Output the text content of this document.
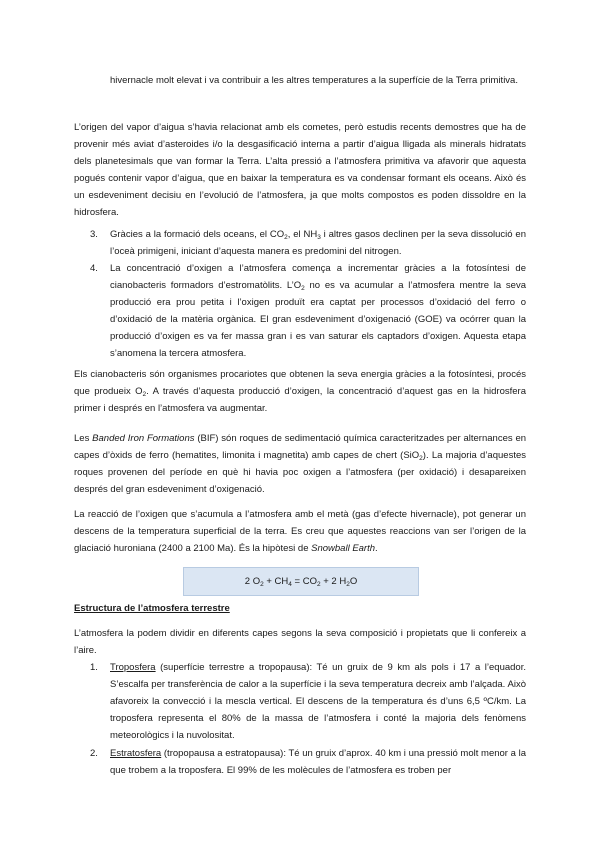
hivernacle molt elevat i va contribuir a les altres temperatures a la superfície de la Terra primitiva.

L’origen del vapor d’aigua s’havia relacionat amb els cometes, però estudis recents demostres que ha de provenir més aviat d’asteroides i/o la desgasificació interna a partir d’aigua lligada als minerals hidratats dels planetesimals que van formar la Terra. L’alta pressió a l’atmosfera primitiva va afavorir que aquesta pogués contenir vapor d’aigua, que en baixar la temperatura es va condensar formant els oceans. Això és un esdeveniment decisiu en l’evolució de l’atmosfera, ja que molts compostos es poden dissoldre en la hidrosfera.

3. Gràcies a la formació dels oceans, el $CO_2$, el $NH_3$ i altres gasos declinen per la seva dissolució en l’oceà primigeni, iniciant d’aquesta manera es predomini del nitrogen.

4. La concentració d’oxigen a l’atmosfera comença a incrementar gràcies a la fotosíntesi de cianobacteris formadors d’estromatòlits. $L’O_2$ no es va acumular a l’atmosfera mentre la seva producció era prou petita i l’oxigen produït era captat per processos d’oxidació del ferro o d’oxidació de la matèria orgànica. El gran esdeveniment d’oxigenació (GOE) va ocórrer quan la producció d’oxigen es va fer massa gran i es van saturar els captadors d’oxigen. Aquesta etapa s’anomena la tercera atmosfera.

Els cianobacteris són organismes procariotes que obtenen la seva energia gràcies a la fotosíntesi, procés que produeix $O_2$. A través d’aquesta producció d’oxigen, la concentració d’aquest gas en la hidrosfera primer i després en l’atmosfera va augmentar.

Les Banded Iron Formations (BIF) són roques de sedimentació química caracteritzades per alternances en capes d’òxids de ferro (hematites, limonita i magnetita) amb capes de chert (SiO$_2$). La majoria d’aquestes roques provenen del període en què hi havia poc oxigen a l’atmosfera (per oxidació) i desapareixen després del gran esdeveniment d’oxigenació.

La reacció de l’oxigen que s’acumula a l’atmosfera amb el metà (gas d’efecte hivernacle), pot generar un descens de la temperatura superficial de la terra. Es creu que aquestes reaccions van ser l’origen de la glaciació huroniana (2400 a 2100 Ma). És la hipòtesi de Snowball Earth.

2 $O_2 + CH_4 = CO_2 + 2$ $H_2O$
Estructura de l’atmosfera terrestre

L’atmosfera la podem dividir en diferents capes segons la seva composició i propietats que li confereix a l’aire.

1. Troposfera (superfície terrestre a tropopausa): Té un gruix de 9 km als pols i 17 a l’equador. S’escalfa per transferència de calor a la superfície i la seva temperatura decreix amb l’alçada. Això afavoreix la convecció i la mescla vertical. El descens de la temperatura és d’uns 6,5 ºC/km. La troposfera representa el 80% de la massa de l’atmosfera i conté la majoria dels fenòmens meteorològics i la nuvolositat.

2. Estratosfera (tropopausa a estratopausa): Té un gruix d’aprox. 40 km i una pressió molt menor a la que trobem a la troposfera. El 99% de les molècules de l’atmosfera es troben per
